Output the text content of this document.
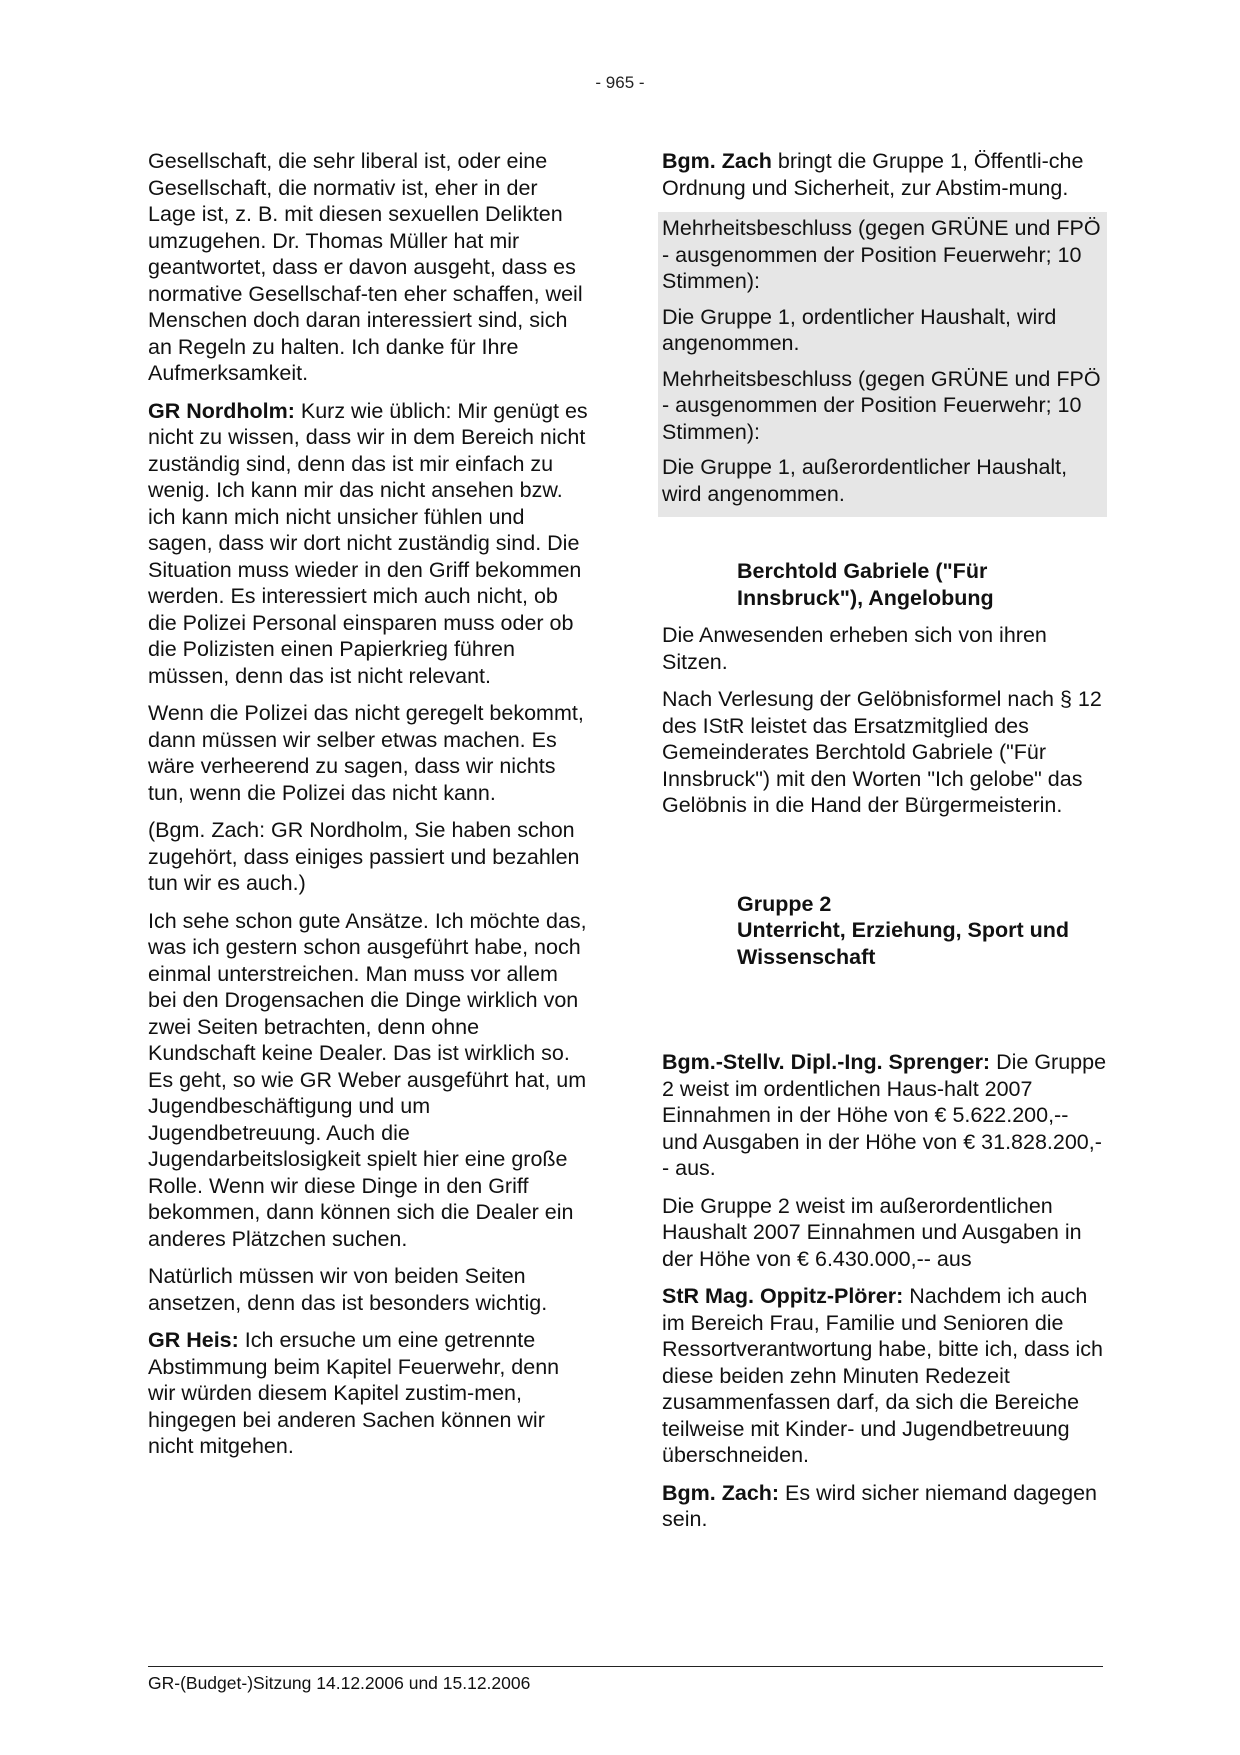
- 965 -

Gesellschaft, die sehr liberal ist, oder eine Gesellschaft, die normativ ist, eher in der Lage ist, z. B. mit diesen sexuellen Delikten umzugehen. Dr. Thomas Müller hat mir geantwortet, dass er davon ausgeht, dass es normative Gesellschaf-ten eher schaffen, weil Menschen doch daran interessiert sind, sich an Regeln zu halten. Ich danke für Ihre Aufmerksamkeit.

GR Nordholm: Kurz wie üblich: Mir genügt es nicht zu wissen, dass wir in dem Bereich nicht zuständig sind, denn das ist mir einfach zu wenig. Ich kann mir das nicht ansehen bzw. ich kann mich nicht unsicher fühlen und sagen, dass wir dort nicht zuständig sind. Die Situation muss wieder in den Griff bekommen werden. Es interessiert mich auch nicht, ob die Polizei Personal einsparen muss oder ob die Polizisten einen Papierkrieg führen müssen, denn das ist nicht relevant.

Wenn die Polizei das nicht geregelt bekommt, dann müssen wir selber etwas machen. Es wäre verheerend zu sagen, dass wir nichts tun, wenn die Polizei das nicht kann.

(Bgm. Zach: GR Nordholm, Sie haben schon zugehört, dass einiges passiert und bezahlen tun wir es auch.)

Ich sehe schon gute Ansätze. Ich möchte das, was ich gestern schon ausgeführt habe, noch einmal unterstreichen. Man muss vor allem bei den Drogensachen die Dinge wirklich von zwei Seiten betrachten, denn ohne Kundschaft keine Dealer. Das ist wirklich so. Es geht, so wie GR Weber ausgeführt hat, um Jugendbeschäftigung und um Jugendbetreuung. Auch die Jugendarbeitslosigkeit spielt hier eine große Rolle. Wenn wir diese Dinge in den Griff bekommen, dann können sich die Dealer ein anderes Plätzchen suchen.

Natürlich müssen wir von beiden Seiten ansetzen, denn das ist besonders wichtig.

GR Heis: Ich ersuche um eine getrennte Abstimmung beim Kapitel Feuerwehr, denn wir würden diesem Kapitel zustim-men, hingegen bei anderen Sachen können wir nicht mitgehen.

Bgm. Zach bringt die Gruppe 1, Öffentli-che Ordnung und Sicherheit, zur Abstim-mung.

Mehrheitsbeschluss (gegen GRÜNE und FPÖ - ausgenommen der Position Feuerwehr; 10 Stimmen):

Die Gruppe 1, ordentlicher Haushalt, wird angenommen.

Mehrheitsbeschluss (gegen GRÜNE und FPÖ - ausgenommen der Position Feuerwehr; 10 Stimmen):

Die Gruppe 1, außerordentlicher Haushalt, wird angenommen.

Berchtold Gabriele ("Für
Innsbruck"), Angelobung

Die Anwesenden erheben sich von ihren Sitzen.

Nach Verlesung der Gelöbnisformel nach § 12 des IStR leistet das Ersatzmitglied des Gemeinderates Berchtold Gabriele ("Für Innsbruck") mit den Worten "Ich gelobe" das Gelöbnis in die Hand der Bürgermeisterin.

Gruppe 2
Unterricht, Erziehung, Sport und
Wissenschaft

Bgm.-Stellv. Dipl.-Ing. Sprenger: Die Gruppe 2 weist im ordentlichen Haus-halt 2007 Einnahmen in der Höhe von € 5.622.200,-- und Ausgaben in der Höhe von € 31.828.200,-- aus.

Die Gruppe 2 weist im außerordentlichen Haushalt 2007 Einnahmen und Ausgaben in der Höhe von € 6.430.000,-- aus

StR Mag. Oppitz-Plörer: Nachdem ich auch im Bereich Frau, Familie und Senioren die Ressortverantwortung habe, bitte ich, dass ich diese beiden zehn Minuten Redezeit zusammenfassen darf, da sich die Bereiche teilweise mit Kinder- und Jugendbetreuung überschneiden.

Bgm. Zach: Es wird sicher niemand dagegen sein.

GR-(Budget-)Sitzung 14.12.2006 und 15.12.2006
